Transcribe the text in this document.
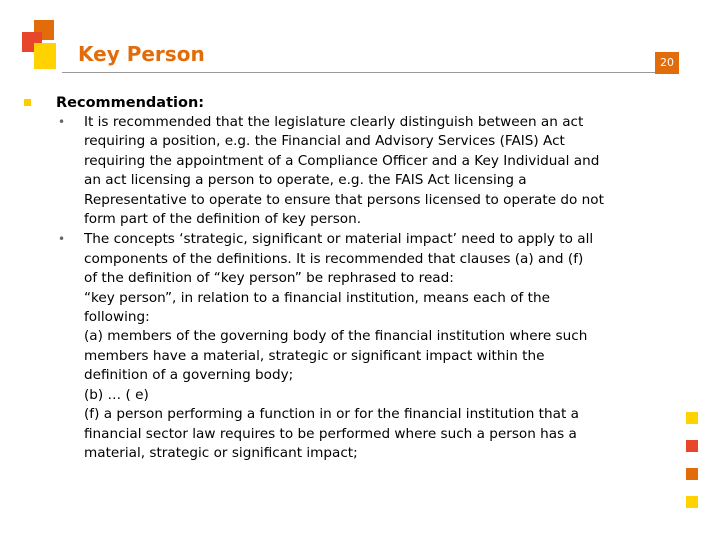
Key Person	20
Recommendation:
• It is recommended that the legislature clearly distinguish between an act
requiring a position, e.g. the Financial and Advisory Services (FAIS) Act
requiring the appointment of a Compliance Officer and a Key Individual and
an act licensing a person to operate, e.g. the FAIS Act licensing a
Representative to operate to ensure that persons licensed to operate do not
form part of the definition of key person.
• The concepts ‘strategic, significant or material impact’ need to apply to all
components of the definitions. It is recommended that clauses (a) and (f)
of the definition of “key person” be rephrased to read:
“key person”, in relation to a financial institution, means each of the
following:
(a) members of the governing body of the financial institution where such
members have a material, strategic or significant impact within the
definition of a governing body;
(b) … ( e)
(f) a person performing a function in or for the financial institution that a
financial sector law requires to be performed where such a person has a
material, strategic or significant impact;
